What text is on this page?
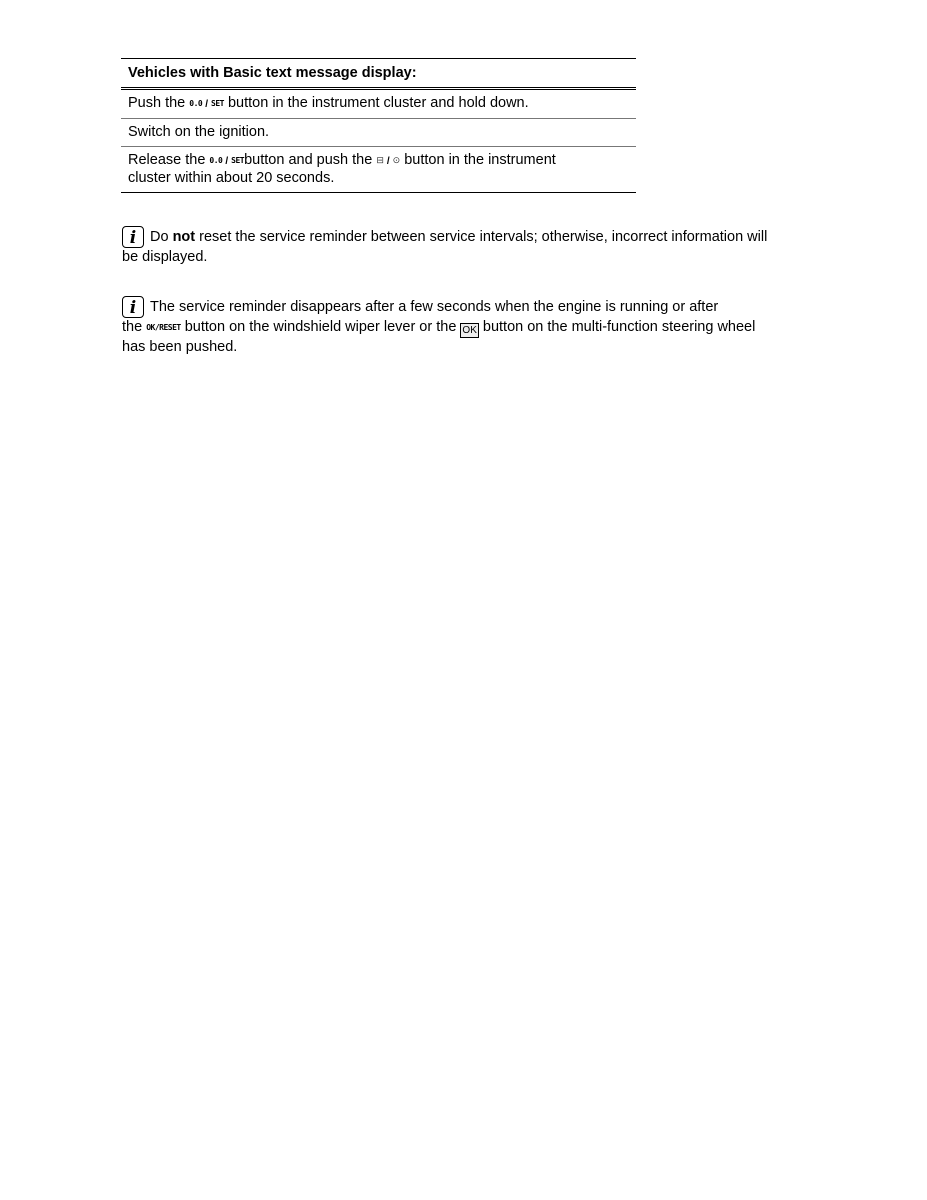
Vehicles with Basic text message display:
Push the 0.0 / SET button in the instrument cluster and hold down.
Switch on the ignition.
Release the 0.0 / SETbutton and push the ⊟ / ⊙ button in the instrument
cluster within about 20 seconds.
i Do not reset the service reminder between service intervals; otherwise, incorrect information will
be displayed.
i The service reminder disappears after a few seconds when the engine is running or after
the OK/RESET button on the windshield wiper lever or the OK button on the multi-function steering wheel
has been pushed.
